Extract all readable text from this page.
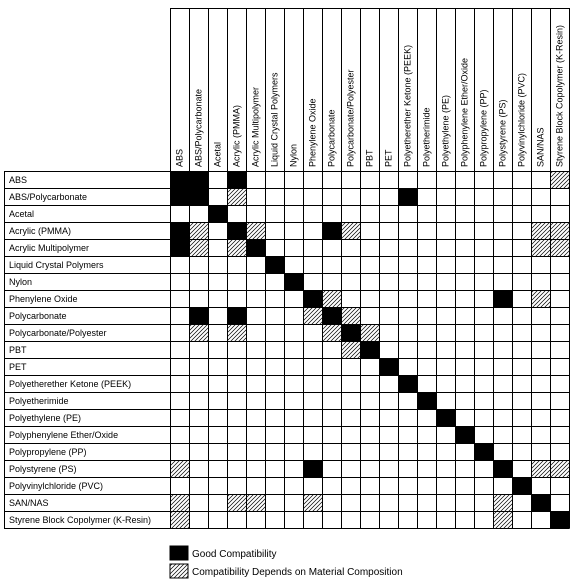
ABS
ABS/Polycarbonate
Acetal
Acrylic (PMMA)
Acrylic Multipolymer
Liquid Crystal Polymers
Nylon
Phenylene Oxide
Polycarbonate
Polycarbonate/Polyester
PBT
PET
Polyetherether Ketone (PEEK)
Polyetherimide
Polyethylene (PE)
Polyphenylene Ether/Oxide
Polypropylene (PP)
Polystyrene (PS)
Polyvinylchloride (PVC)
SAN/NAS
Styrene Block Copolymer (K-Resin)
ABS ABS/Polycarbonate Acetal Acrylic (PMMA) Acrylic Multipolymer Liquid Crystal Polymers Nylon Phenylene Oxide Polycarbonate Polycarbonate/Polyester PBT PET Polyetherether Ketone (PEEK) Polyetherimide Polyethylene (PE) Polyphenylene Ether/Oxide Polypropylene (PP) Polystyrene (PS) Polyvinylchloride (PVC) SAN/NAS Styrene Block Copolymer (K-Resin)
Good Compatibility
Compatibility Depends on Material Composition
